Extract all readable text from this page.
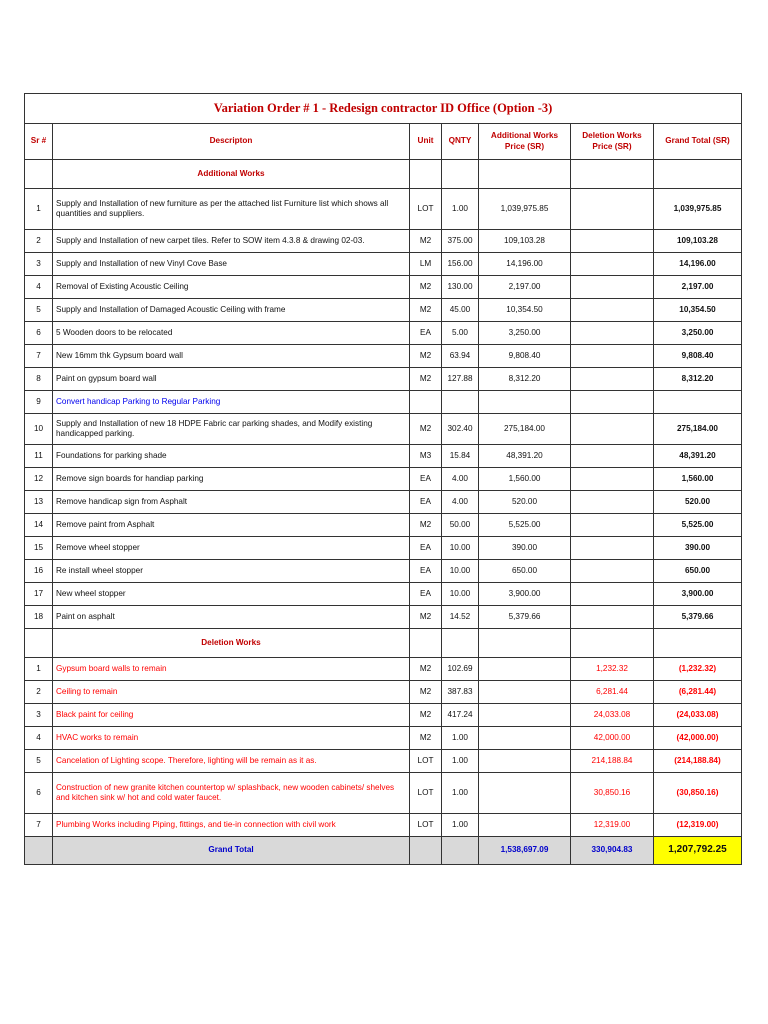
Variation Order # 1 - Redesign contractor ID Office (Option -3)						
Sr #	Descripton	Unit	QNTY	Additional Works Price (SR)	Deletion Works Price (SR)	Grand Total (SR)
	Additional Works					
1	Supply and Installation of new furniture as per the attached list Furniture list which shows all quantities and suppliers.	LOT	1.00	1,039,975.85		1,039,975.85
2	Supply and Installation of new carpet tiles. Refer to SOW item 4.3.8 & drawing 02-03.	M2	375.00	109,103.28		109,103.28
3	Supply and Installation of new Vinyl Cove Base	LM	156.00	14,196.00		14,196.00
4	Removal of Existing Acoustic Ceiling	M2	130.00	2,197.00		2,197.00
5	Supply and Installation of Damaged Acoustic Ceiling with frame	M2	45.00	10,354.50		10,354.50
6	5 Wooden doors to be relocated	EA	5.00	3,250.00		3,250.00
7	New 16mm thk Gypsum board wall	M2	63.94	9,808.40		9,808.40
8	Paint on gypsum board wall	M2	127.88	8,312.20		8,312.20
9	Convert handicap Parking to Regular Parking					
10	Supply and Installation of new 18 HDPE Fabric car parking shades, and Modify existing handicapped parking.	M2	302.40	275,184.00		275,184.00
11	Foundations for parking shade	M3	15.84	48,391.20		48,391.20
12	Remove sign boards for handiap parking	EA	4.00	1,560.00		1,560.00
13	Remove handicap sign from Asphalt	EA	4.00	520.00		520.00
14	Remove paint from Asphalt	M2	50.00	5,525.00		5,525.00
15	Remove wheel stopper	EA	10.00	390.00		390.00
16	Re install wheel stopper	EA	10.00	650.00		650.00
17	New wheel stopper	EA	10.00	3,900.00		3,900.00
18	Paint on asphalt	M2	14.52	5,379.66		5,379.66
	Deletion Works					
1	Gypsum board walls to remain	M2	102.69		1,232.32	(1,232.32)
2	Ceiling to remain	M2	387.83		6,281.44	(6,281.44)
3	Black paint for ceiling	M2	417.24		24,033.08	(24,033.08)
4	HVAC works to remain	M2	1.00		42,000.00	(42,000.00)
5	Cancelation of Lighting scope. Therefore, lighting will be remain as it as.	LOT	1.00		214,188.84	(214,188.84)
6	Construction of new granite kitchen countertop w/ splashback, new wooden cabinets/ shelves and kitchen sink w/ hot and cold water faucet.	LOT	1.00		30,850.16	(30,850.16)
7	Plumbing Works including Piping, fittings, and tie-in connection with civil work	LOT	1.00		12,319.00	(12,319.00)
	Grand Total			1,538,697.09	330,904.83	1,207,792.25
